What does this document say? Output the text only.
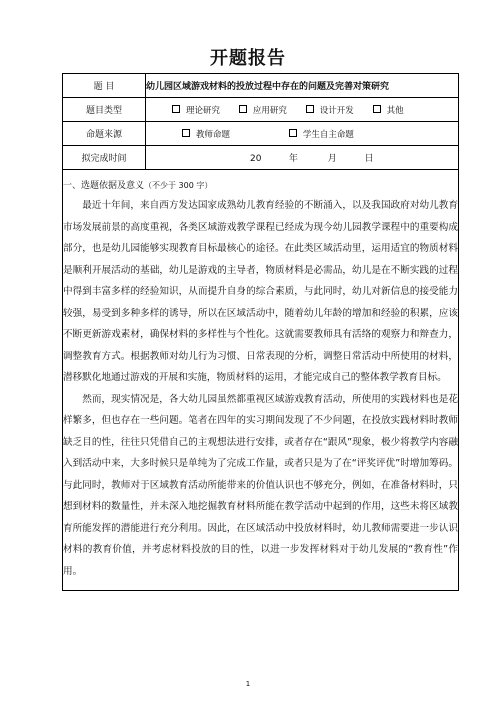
开题报告
题 目	幼儿园区域游戏材料的投放过程中存在的问题及完善对策研究
题目类型	理论研究 应用研究 设计开发 其他
命题来源	教师命题 学生自主命题
拟完成时间	20 年 月 日

一、选题依据及意义（不少于 300 字）

最近十年间，来自西方发达国家成熟幼儿教育经验的不断涌入，以及我国政府对幼儿教育市场发展前景的高度重视，各类区域游戏教学课程已经成为现今幼儿园教学课程中的重要构成部分，也是幼儿园能够实现教育目标最核心的途径。在此类区域活动里，运用适宜的物质材料是顺利开展活动的基础，幼儿是游戏的主导者，物质材料是必需品，幼儿是在不断实践的过程中得到丰富多样的经验知识，从而提升自身的综合素质，与此同时，幼儿对新信息的接受能力较强，易受到多种多样的诱导，所以在区域活动中，随着幼儿年龄的增加和经验的积累，应该不断更新游戏素材，确保材料的多样性与个性化。这就需要教师具有活络的观察力和辩查力，调整教育方式。根据教师对幼儿行为习惯、日常表现的分析，调整日常活动中所使用的材料，潜移默化地通过游戏的开展和实施，物质材料的运用，才能完成自己的整体教学教育目标。

然而，现实情况是，各大幼儿园虽然都重视区域游戏教育活动，所使用的实践材料也是花样繁多，但也存在一些问题。笔者在四年的实习期间发现了不少问题，在投放实践材料时教师缺乏目的性，往往只凭借自己的主观想法进行安排，或者存在“跟风”现象，极少将教学内容融入到活动中来，大多时候只是单纯为了完成工作量，或者只是为了在“评奖评优”时增加筹码。与此同时，教师对于区域教育活动所能带来的价值认识也不够充分，例如，在准备材料时，只想到材料的数量性，并未深入地挖掘教育材料所能在教学活动中起到的作用，这些未将区域教育所能发挥的潜能进行充分利用。因此，在区域活动中投放材料时，幼儿教师需要进一步认识材料的教育价值，并考虑材料投放的目的性，以进一步发挥材料对于幼儿发展的“教育性”作用。	

1
